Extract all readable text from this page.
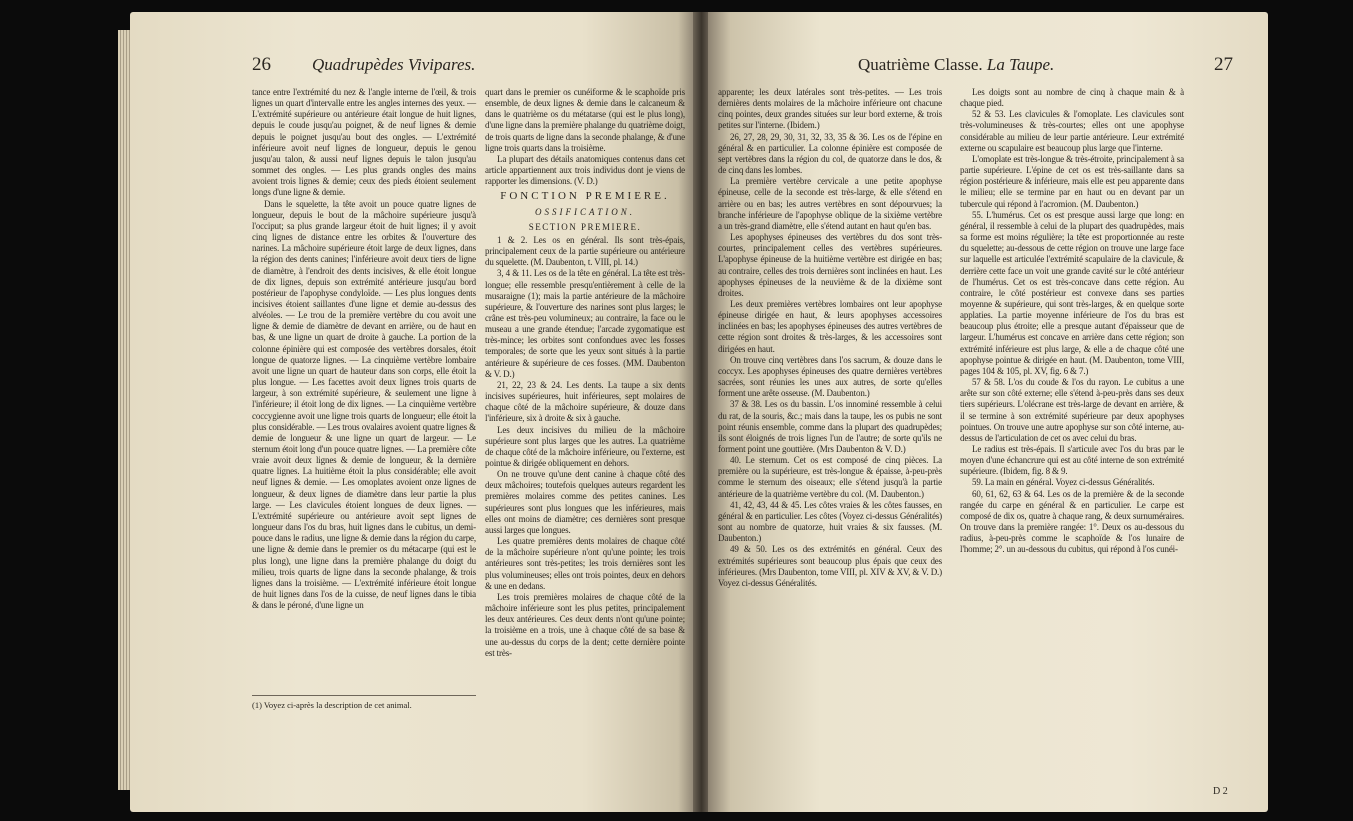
26 Quadrupèdes Vivipares.

tance entre l'extrémité du nez & l'angle interne de l'œil, & trois lignes un quart d'intervalle entre les angles internes des yeux. — L'extrémité supérieure ou antérieure était longue de huit lignes, depuis le coude jusqu'au poignet, & de neuf lignes & demie depuis le poignet jusqu'au bout des ongles. — L'extrémité inférieure avoit neuf lignes de longueur, depuis le genou jusqu'au talon, & aussi neuf lignes depuis le talon jusqu'au sommet des ongles. — Les plus grands ongles des mains avoient trois lignes & demie; ceux des pieds étoient seulement longs d'une ligne & demie.

Dans le squelette, la tête avoit un pouce quatre lignes de longueur, depuis le bout de la mâchoire supérieure jusqu'à l'occiput; sa plus grande largeur étoit de huit lignes; il y avoit cinq lignes de distance entre les orbites & l'ouverture des narines. La mâchoire supérieure étoit large de deux lignes, dans la région des dents canines; l'inférieure avoit deux tiers de ligne de diamètre, à l'endroit des dents incisives, & elle étoit longue de dix lignes, depuis son extrémité antérieure jusqu'au bord postérieur de l'apophyse condyloïde. — Les plus longues dents incisives étoient saillantes d'une ligne et demie au-dessus des alvéoles. — Le trou de la première vertèbre du cou avoit une ligne & demie de diamètre de devant en arrière, ou de haut en bas, & une ligne un quart de droite à gauche. La portion de la colonne épinière qui est composée des vertèbres dorsales, étoit longue de quatorze lignes. — La cinquième vertèbre lombaire avoit une ligne un quart de hauteur dans son corps, elle étoit la plus longue. — Les facettes avoit deux lignes trois quarts de largeur, à son extrémité supérieure, & seulement une ligne à l'inférieure; il étoit long de dix lignes. — La cinquième vertèbre coccygienne avoit une ligne trois quarts de longueur; elle étoit la plus considérable. — Les trous ovalaires avoient quatre lignes & demie de longueur & une ligne un quart de largeur. — Le sternum étoit long d'un pouce quatre lignes. — La première côte vraie avoit deux lignes & demie de longueur, & la dernière quatre lignes. La huitième étoit la plus considérable; elle avoit neuf lignes & demie. — Les omoplates avoient onze lignes de longueur, & deux lignes de diamètre dans leur partie la plus large. — Les clavicules étoient longues de deux lignes. — L'extrémité supérieure ou antérieure avoit sept lignes de longueur dans l'os du bras, huit lignes dans le cubitus, un demi-pouce dans le radius, une ligne & demie dans la région du carpe, une ligne & demie dans le premier os du métacarpe (qui est le plus long), une ligne dans la première phalange du doigt du milieu, trois quarts de ligne dans la seconde phalange, & trois lignes dans la troisième. — L'extrémité inférieure étoit longue de huit lignes dans l'os de la cuisse, de neuf lignes dans le tibia & dans le péroné, d'une ligne un

quart dans le premier os cunéiforme & le scaphoïde pris ensemble, de deux lignes & demie dans le calcaneum & dans le quatrième os du métatarse (qui est le plus long), d'une ligne dans la première phalange du quatrième doigt, de trois quarts de ligne dans la seconde phalange, & d'une ligne trois quarts dans la troisième.

La plupart des détails anatomiques contenus dans cet article appartiennent aux trois individus dont je viens de rapporter les dimensions. (V. D.)

FONCTION PREMIERE.
OSSIFICATION.
SECTION PREMIERE.

1 & 2. Les os en général. Ils sont très-épais, principalement ceux de la partie supérieure ou antérieure du squelette. (M. Daubenton, t. VIII, pl. 14.)

3, 4 & 11. Les os de la tête en général. La tête est très-longue; elle ressemble presqu'entièrement à celle de la musaraigne (1); mais la partie antérieure de la mâchoire supérieure, & l'ouverture des narines sont plus larges; le crâne est très-peu volumineux; au contraire, la face ou le museau a une grande étendue; l'arcade zygomatique est très-mince; les orbites sont confondues avec les fosses temporales; de sorte que les yeux sont situés à la partie antérieure & supérieure de ces fosses. (MM. Daubenton & V. D.)

21, 22, 23 & 24. Les dents. La taupe a six dents incisives supérieures, huit inférieures, sept molaires de chaque côté de la mâchoire supérieure, & douze dans l'inférieure, six à droite & six à gauche.

Les deux incisives du milieu de la mâchoire supérieure sont plus larges que les autres. La quatrième de chaque côté de la mâchoire inférieure, ou l'externe, est pointue & dirigée obliquement en dehors.

On ne trouve qu'une dent canine à chaque côté des deux mâchoires; toutefois quelques auteurs regardent les premières molaires comme des petites canines. Les supérieures sont plus longues que les inférieures, mais elles ont moins de diamètre; ces dernières sont presque aussi larges que longues.

Les quatre premières dents molaires de chaque côté de la mâchoire supérieure n'ont qu'une pointe; les trois antérieures sont très-petites; les trois dernières sont les plus volumineuses; elles ont trois pointes, deux en dehors & une en dedans.

Les trois premières molaires de chaque côté de la mâchoire inférieure sont les plus petites, principalement les deux antérieures. Ces deux dents n'ont qu'une pointe; la troisième en a trois, une à chaque côté de sa base & une au-dessus du corps de la dent; cette dernière pointe est très-

(1) Voyez ci-après la description de cet animal.
Quatrième Classe. La Taupe.	27

apparente; les deux latérales sont très-petites. — Les trois dernières dents molaires de la mâchoire inférieure ont chacune cinq pointes, deux grandes situées sur leur bord externe, & trois petites sur l'interne. (Ibidem.)

26, 27, 28, 29, 30, 31, 32, 33, 35 & 36. Les os de l'épine en général & en particulier. La colonne épinière est composée de sept vertèbres dans la région du col, de quatorze dans le dos, & de cinq dans les lombes.

La première vertèbre cervicale a une petite apophyse épineuse, celle de la seconde est très-large, & elle s'étend en arrière ou en bas; les autres vertèbres en sont dépourvues; la branche inférieure de l'apophyse oblique de la sixième vertèbre a un très-grand diamètre, elle s'étend autant en haut qu'en bas.

Les apophyses épineuses des vertèbres du dos sont très-courtes, principalement celles des vertèbres supérieures. L'apophyse épineuse de la huitième vertèbre est dirigée en bas; au contraire, celles des trois dernières sont inclinées en haut. Les apophyses épineuses de la neuvième & de la dixième sont droites.

Les deux premières vertèbres lombaires ont leur apophyse épineuse dirigée en haut, & leurs apophyses accessoires inclinées en bas; les apophyses épineuses des autres vertèbres de cette région sont droites & très-larges, & les accessoires sont dirigées en haut.

On trouve cinq vertèbres dans l'os sacrum, & douze dans le coccyx. Les apophyses épineuses des quatre dernières vertèbres sacrées, sont réunies les unes aux autres, de sorte qu'elles forment une arête osseuse. (M. Daubenton.)

37 & 38. Les os du bassin. L'os innominé ressemble à celui du rat, de la souris, &c.; mais dans la taupe, les os pubis ne sont point réunis ensemble, comme dans la plupart des quadrupèdes; ils sont éloignés de trois lignes l'un de l'autre; de sorte qu'ils ne forment point une gouttière. (Mrs Daubenton & V. D.)

40. Le sternum. Cet os est composé de cinq pièces. La première ou la supérieure, est très-longue & épaisse, à-peu-près comme le sternum des oiseaux; elle s'étend jusqu'à la partie antérieure de la quatrième vertèbre du col. (M. Daubenton.)

41, 42, 43, 44 & 45. Les côtes vraies & les côtes fausses, en général & en particulier. Les côtes (Voyez ci-dessus Généralités) sont au nombre de quatorze, huit vraies & six fausses. (M. Daubenton.)

49 & 50. Les os des extrémités en général. Ceux des extrémités supérieures sont beaucoup plus épais que ceux des inférieures. (Mrs Daubenton, tome VIII, pl. XIV & XV, & V. D.) Voyez ci-dessus Généralités.

Les doigts sont au nombre de cinq à chaque main & à chaque pied.

52 & 53. Les clavicules & l'omoplate. Les clavicules sont très-volumineuses & très-courtes; elles ont une apophyse considérable au milieu de leur partie antérieure. Leur extrémité externe ou scapulaire est beaucoup plus large que l'interne.

L'omoplate est très-longue & très-étroite, principalement à sa partie supérieure. L'épine de cet os est très-saillante dans sa région postérieure & inférieure, mais elle est peu apparente dans le milieu; elle se termine par en haut ou en devant par un tubercule qui répond à l'acromion. (M. Daubenton.)

55. L'humérus. Cet os est presque aussi large que long: en général, il ressemble à celui de la plupart des quadrupèdes, mais sa forme est moins régulière; la tête est proportionnée au reste du squelette; au-dessous de cette région on trouve une large face sur laquelle est articulée l'extrémité scapulaire de la clavicule, & derrière cette face un voit une grande cavité sur le côté antérieur de l'humérus. Cet os est très-concave dans cette région. Au contraire, le côté postérieur est convexe dans ses parties moyenne & supérieure, qui sont très-larges, & en quelque sorte applaties. La partie moyenne inférieure de l'os du bras est beaucoup plus étroite; elle a presque autant d'épaisseur que de largeur. L'humérus est concave en arrière dans cette région; son extrémité inférieure est plus large, & elle a de chaque côté une apophyse pointue & dirigée en haut. (M. Daubenton, tome VIII, pages 104 & 105, pl. XV, fig. 6 & 7.)

57 & 58. L'os du coude & l'os du rayon. Le cubitus a une arête sur son côté externe; elle s'étend à-peu-près dans ses deux tiers supérieurs. L'olécrane est très-large de devant en arrière, & il se termine à son extrémité supérieure par deux apophyses pointues. On trouve une autre apophyse sur son côté interne, au-dessus de l'articulation de cet os avec celui du bras.

Le radius est très-épais. Il s'articule avec l'os du bras par le moyen d'une échancrure qui est au côté interne de son extrémité supérieure. (Ibidem, fig. 8 & 9.

59. La main en général. Voyez ci-dessus Généralités.

60, 61, 62, 63 & 64. Les os de la première & de la seconde rangée du carpe en général & en particulier. Le carpe est composé de dix os, quatre à chaque rang, & deux surnuméraires. On trouve dans la première rangée: 1°. Deux os au-dessous du radius, à-peu-près comme le scaphoïde & l'os lunaire de l'homme; 2°. un au-dessous du cubitus, qui répond à l'os cunéi-

D 2
